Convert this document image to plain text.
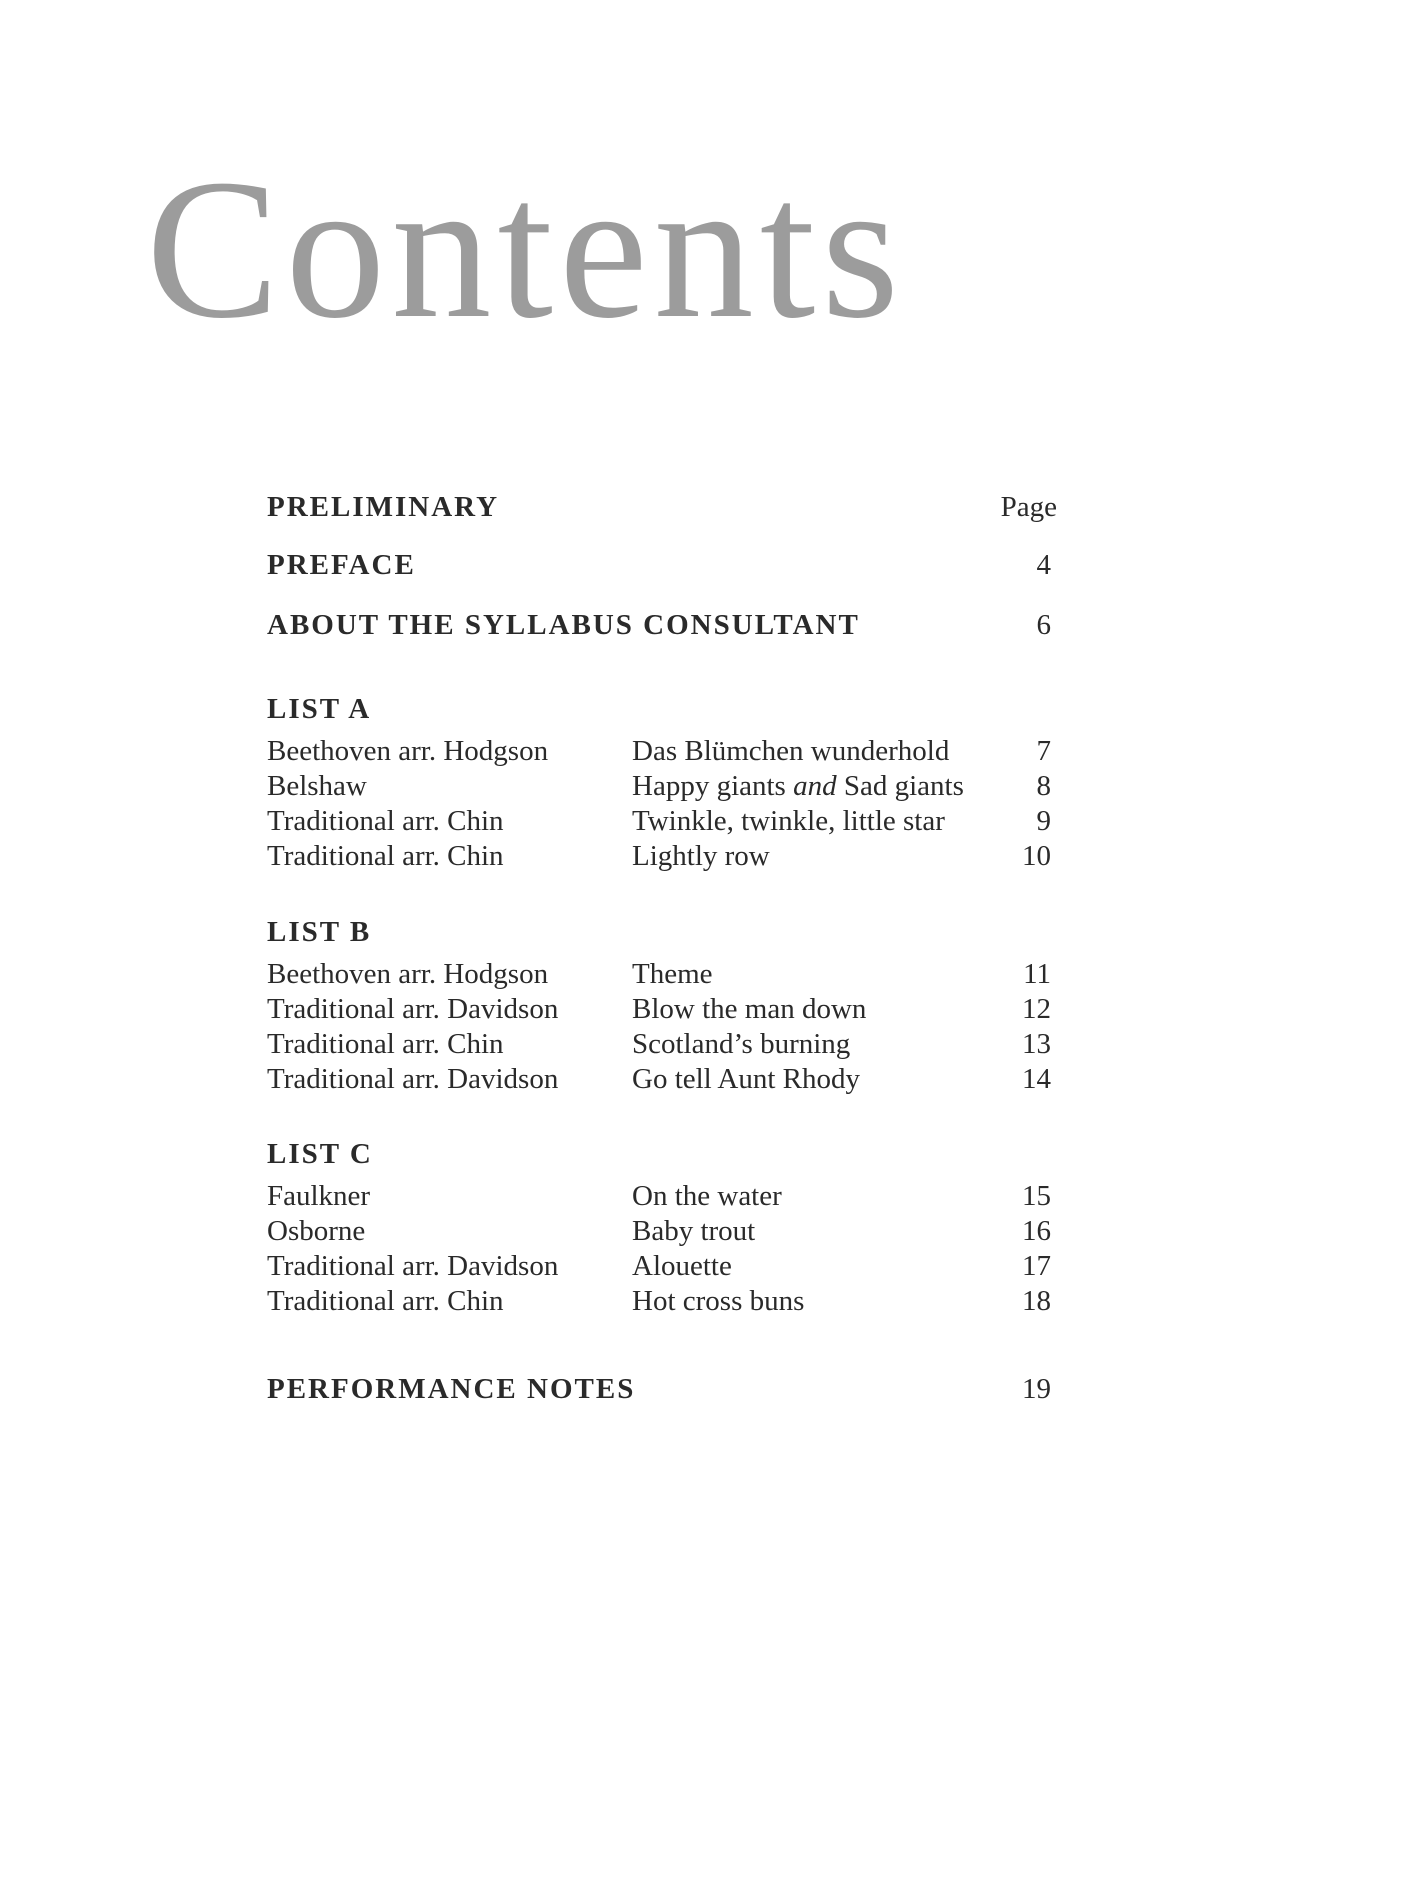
Contents
PRELIMINARY	Page
PREFACE	4
ABOUT THE SYLLABUS CONSULTANT	6
LIST A
Beethoven arr. Hodgson	Das Blümchen wunderhold	7
Belshaw	Happy giants and Sad giants	8
Traditional arr. Chin	Twinkle, twinkle, little star	9
Traditional arr. Chin	Lightly row	10
LIST B
Beethoven arr. Hodgson	Theme	11
Traditional arr. Davidson	Blow the man down	12
Traditional arr. Chin	Scotland’s burning	13
Traditional arr. Davidson	Go tell Aunt Rhody	14
LIST C
Faulkner	On the water	15
Osborne	Baby trout	16
Traditional arr. Davidson	Alouette	17
Traditional arr. Chin	Hot cross buns	18
PERFORMANCE NOTES	19
